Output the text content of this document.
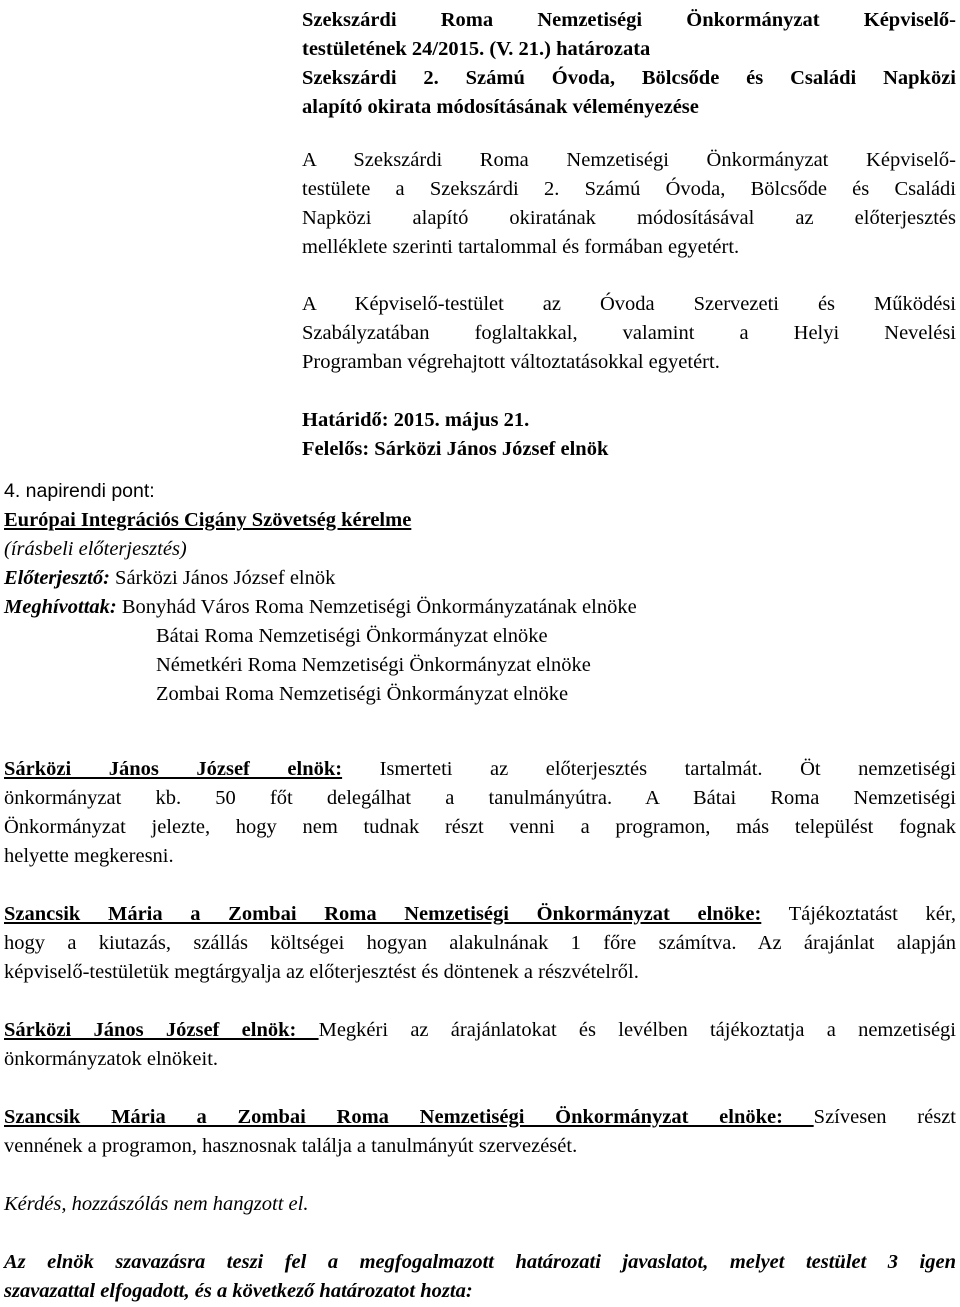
Szekszárdi Roma Nemzetiségi Önkormányzat Képviselő-
testületének 24/2015. (V. 21.) határozata
Szekszárdi 2. Számú Óvoda, Bölcsőde és Családi Napközi
alapító okirata módosításának véleményezése
A Szekszárdi Roma Nemzetiségi Önkormányzat Képviselő-
testülete a Szekszárdi 2. Számú Óvoda, Bölcsőde és Családi
Napközi alapító okiratának módosításával az előterjesztés
melléklete szerinti tartalommal és formában egyetért.
A Képviselő-testület az Óvoda Szervezeti és Működési
Szabályzatában foglaltakkal, valamint a Helyi Nevelési
Programban végrehajtott változtatásokkal egyetért.
Határidő: 2015. május 21.
Felelős: Sárközi János József elnök
4. napirendi pont:
Európai Integrációs Cigány Szövetség kérelme
(írásbeli előterjesztés)
Előterjesztő: Sárközi János József elnök
Meghívottak: Bonyhád Város Roma Nemzetiségi Önkormányzatának elnöke
Bátai Roma Nemzetiségi Önkormányzat elnöke
Németkéri Roma Nemzetiségi Önkormányzat elnöke
Zombai Roma Nemzetiségi Önkormányzat elnöke
Sárközi János József elnök: Ismerteti az előterjesztés tartalmát. Öt nemzetiségi
önkormányzat kb. 50 főt delegálhat a tanulmányútra. A Bátai Roma Nemzetiségi
Önkormányzat jelezte, hogy nem tudnak részt venni a programon, más települést fognak
helyette megkeresni.
Szancsik Mária a Zombai Roma Nemzetiségi Önkormányzat elnöke: Tájékoztatást kér,
hogy a kiutazás, szállás költségei hogyan alakulnának 1 főre számítva. Az árajánlat alapján
képviselő-testületük megtárgyalja az előterjesztést és döntenek a részvételről.
Sárközi János József elnök: Megkéri az árajánlatokat és levélben tájékoztatja a nemzetiségi
önkormányzatok elnökeit.
Szancsik Mária a Zombai Roma Nemzetiségi Önkormányzat elnöke: Szívesen részt
vennének a programon, hasznosnak találja a tanulmányút szervezését.
Kérdés, hozzászólás nem hangzott el.
Az elnök szavazásra teszi fel a megfogalmazott határozati javaslatot, melyet testület 3 igen
szavazattal elfogadott, és a következő határozatot hozta:
